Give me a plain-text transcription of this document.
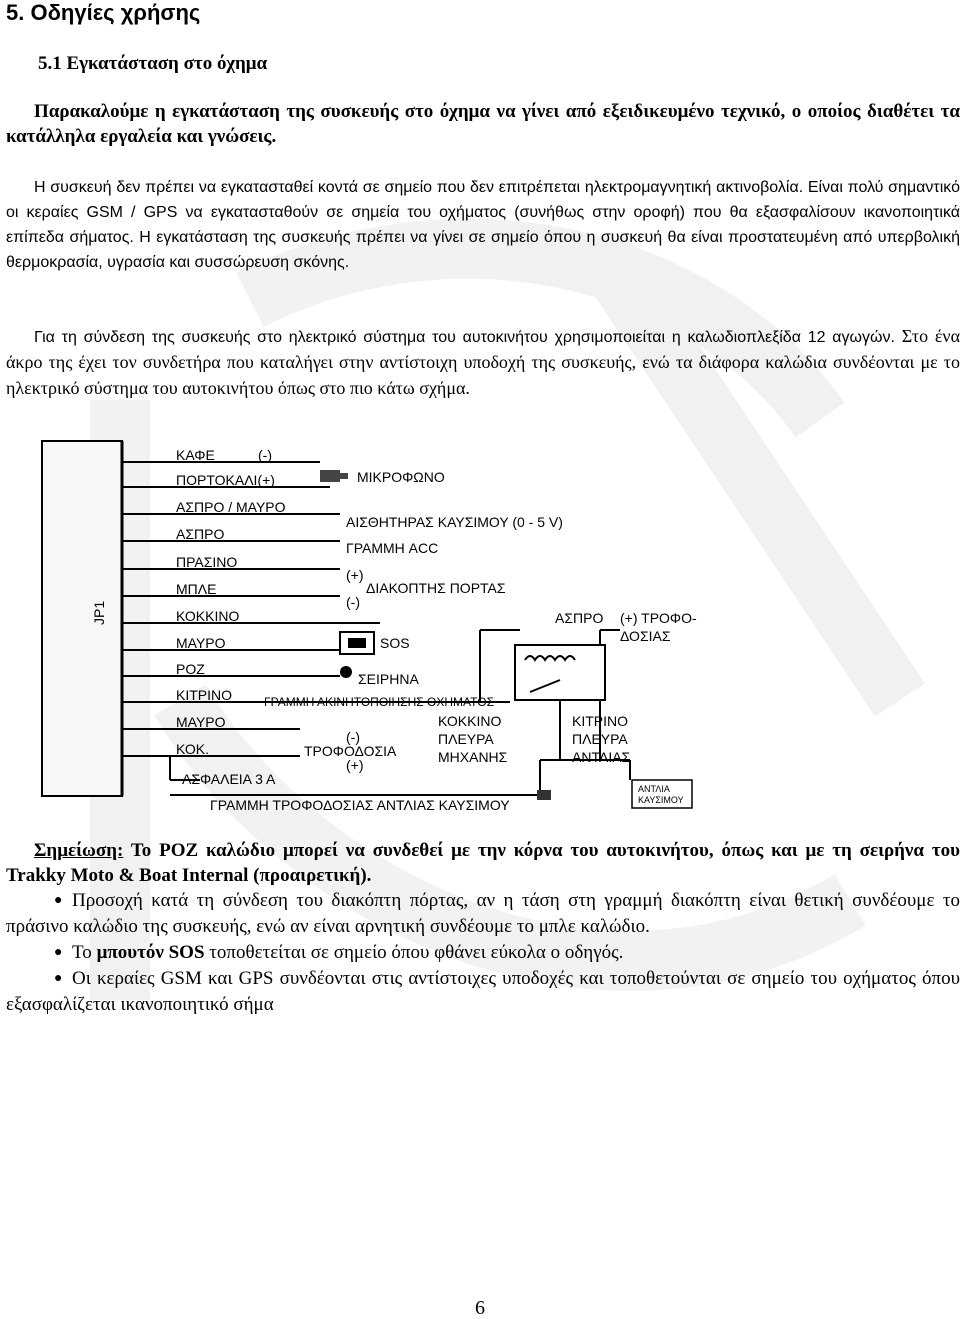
5. Οδηγίες χρήσης
5.1 Εγκατάσταση στο όχημα
Παρακαλούμε η εγκατάσταση της συσκευής στο όχημα να γίνει από εξειδικευμένο τεχνικό, ο οποίος διαθέτει τα κατάλληλα εργαλεία και γνώσεις.
Η συσκευή δεν πρέπει να εγκατασταθεί κοντά σε σημείο που δεν επιτρέπεται ηλεκτρομαγνητική ακτινοβολία. Είναι πολύ σημαντικό οι κεραίες GSM / GPS να εγκατασταθούν σε σημεία του οχήματος (συνήθως στην οροφή) που θα εξασφαλίσουν ικανοποιητικά επίπεδα σήματος. Η εγκατάσταση της συσκευής πρέπει να γίνει σε σημείο όπου η συσκευή θα είναι προστατευμένη από υπερβολική θερμοκρασία, υγρασία και συσσώρευση σκόνης.
Για τη σύνδεση της συσκευής στο ηλεκτρικό σύστημα του αυτοκινήτου χρησιμοποιείται η καλωδιοπλεξίδα 12 αγωγών. Στο ένα άκρο της έχει τον συνδετήρα που καταλήγει στην αντίστοιχη υποδοχή της συσκευής, ενώ τα διάφορα καλώδια συνδέονται με το ηλεκτρικό σύστημα του αυτοκινήτου όπως στο πιο κάτω σχήμα.
JP1
ΚΑΦΕ
ΠΟΡΤΟΚΑΛΙ(+)
ΑΣΠΡΟ / ΜΑΥΡΟ
ΑΣΠΡΟ
ΠΡΑΣΙΝΟ
ΜΠΛΕ
ΚΟΚΚΙΝΟ
ΜΑΥΡΟ
ΡΟΖ
ΚΙΤΡΙΝΟ
ΜΑΥΡΟ
ΚΟΚ.
(-)
ΜΙΚΡΟΦΩΝΟ
ΑΙΣΘΗΤΗΡΑΣ ΚΑΥΣΙΜΟΥ (0 - 5 V)
ΓΡΑΜΜΗ ACC
(+)
ΔΙΑΚΟΠΤΗΣ ΠΟΡΤΑΣ
(-)
SOS
ΣΕΙΡΗΝΑ
ΓΡΑΜΜΗ ΑΚΙΝΗΤΟΠΟΙΗΣΗΣ ΟΧΗΜΑΤΟΣ
ΑΣΠΡΟ (+) ΤΡΟΦΟ-
ΔΟΣΙΑΣ
ΚΟΚΚΙΝΟ
ΠΛΕΥΡΑ
ΜΗΧΑΝΗΣ
ΚΙΤΡΙΝΟ
ΠΛΕΥΡΑ
ΑΝΤΛΙΑΣ
(-)
ΤΡΟΦΟΔΟΣΙΑ
(+)
ΑΣΦΑΛΕΙΑ 3 Α
ΓΡΑΜΜΗ ΤΡΟΦΟΔΟΣΙΑΣ ΑΝΤΛΙΑΣ ΚΑΥΣΙΜΟΥ
ΑΝΤΛΙΑ
ΚΑΥΣΙΜΟΥ
Σημείωση: Το ΡΟΖ καλώδιο μπορεί να συνδεθεί με την κόρνα του αυτοκινήτου, όπως και με τη σειρήνα του Trakky Moto & Boat Internal (προαιρετική).
● Προσοχή κατά τη σύνδεση του διακόπτη πόρτας, αν η τάση στη γραμμή διακόπτη είναι θετική συνδέουμε το πράσινο καλώδιο της συσκευής, ενώ αν είναι αρνητική συνδέουμε το μπλε καλώδιο.
● Το μπουτόν SOS τοποθετείται σε σημείο όπου φθάνει εύκολα ο οδηγός.
● Οι κεραίες GSM και GPS συνδέονται στις αντίστοιχες υποδοχές και τοποθετούνται σε σημείο του οχήματος όπου εξασφαλίζεται ικανοποιητικό σήμα
6
